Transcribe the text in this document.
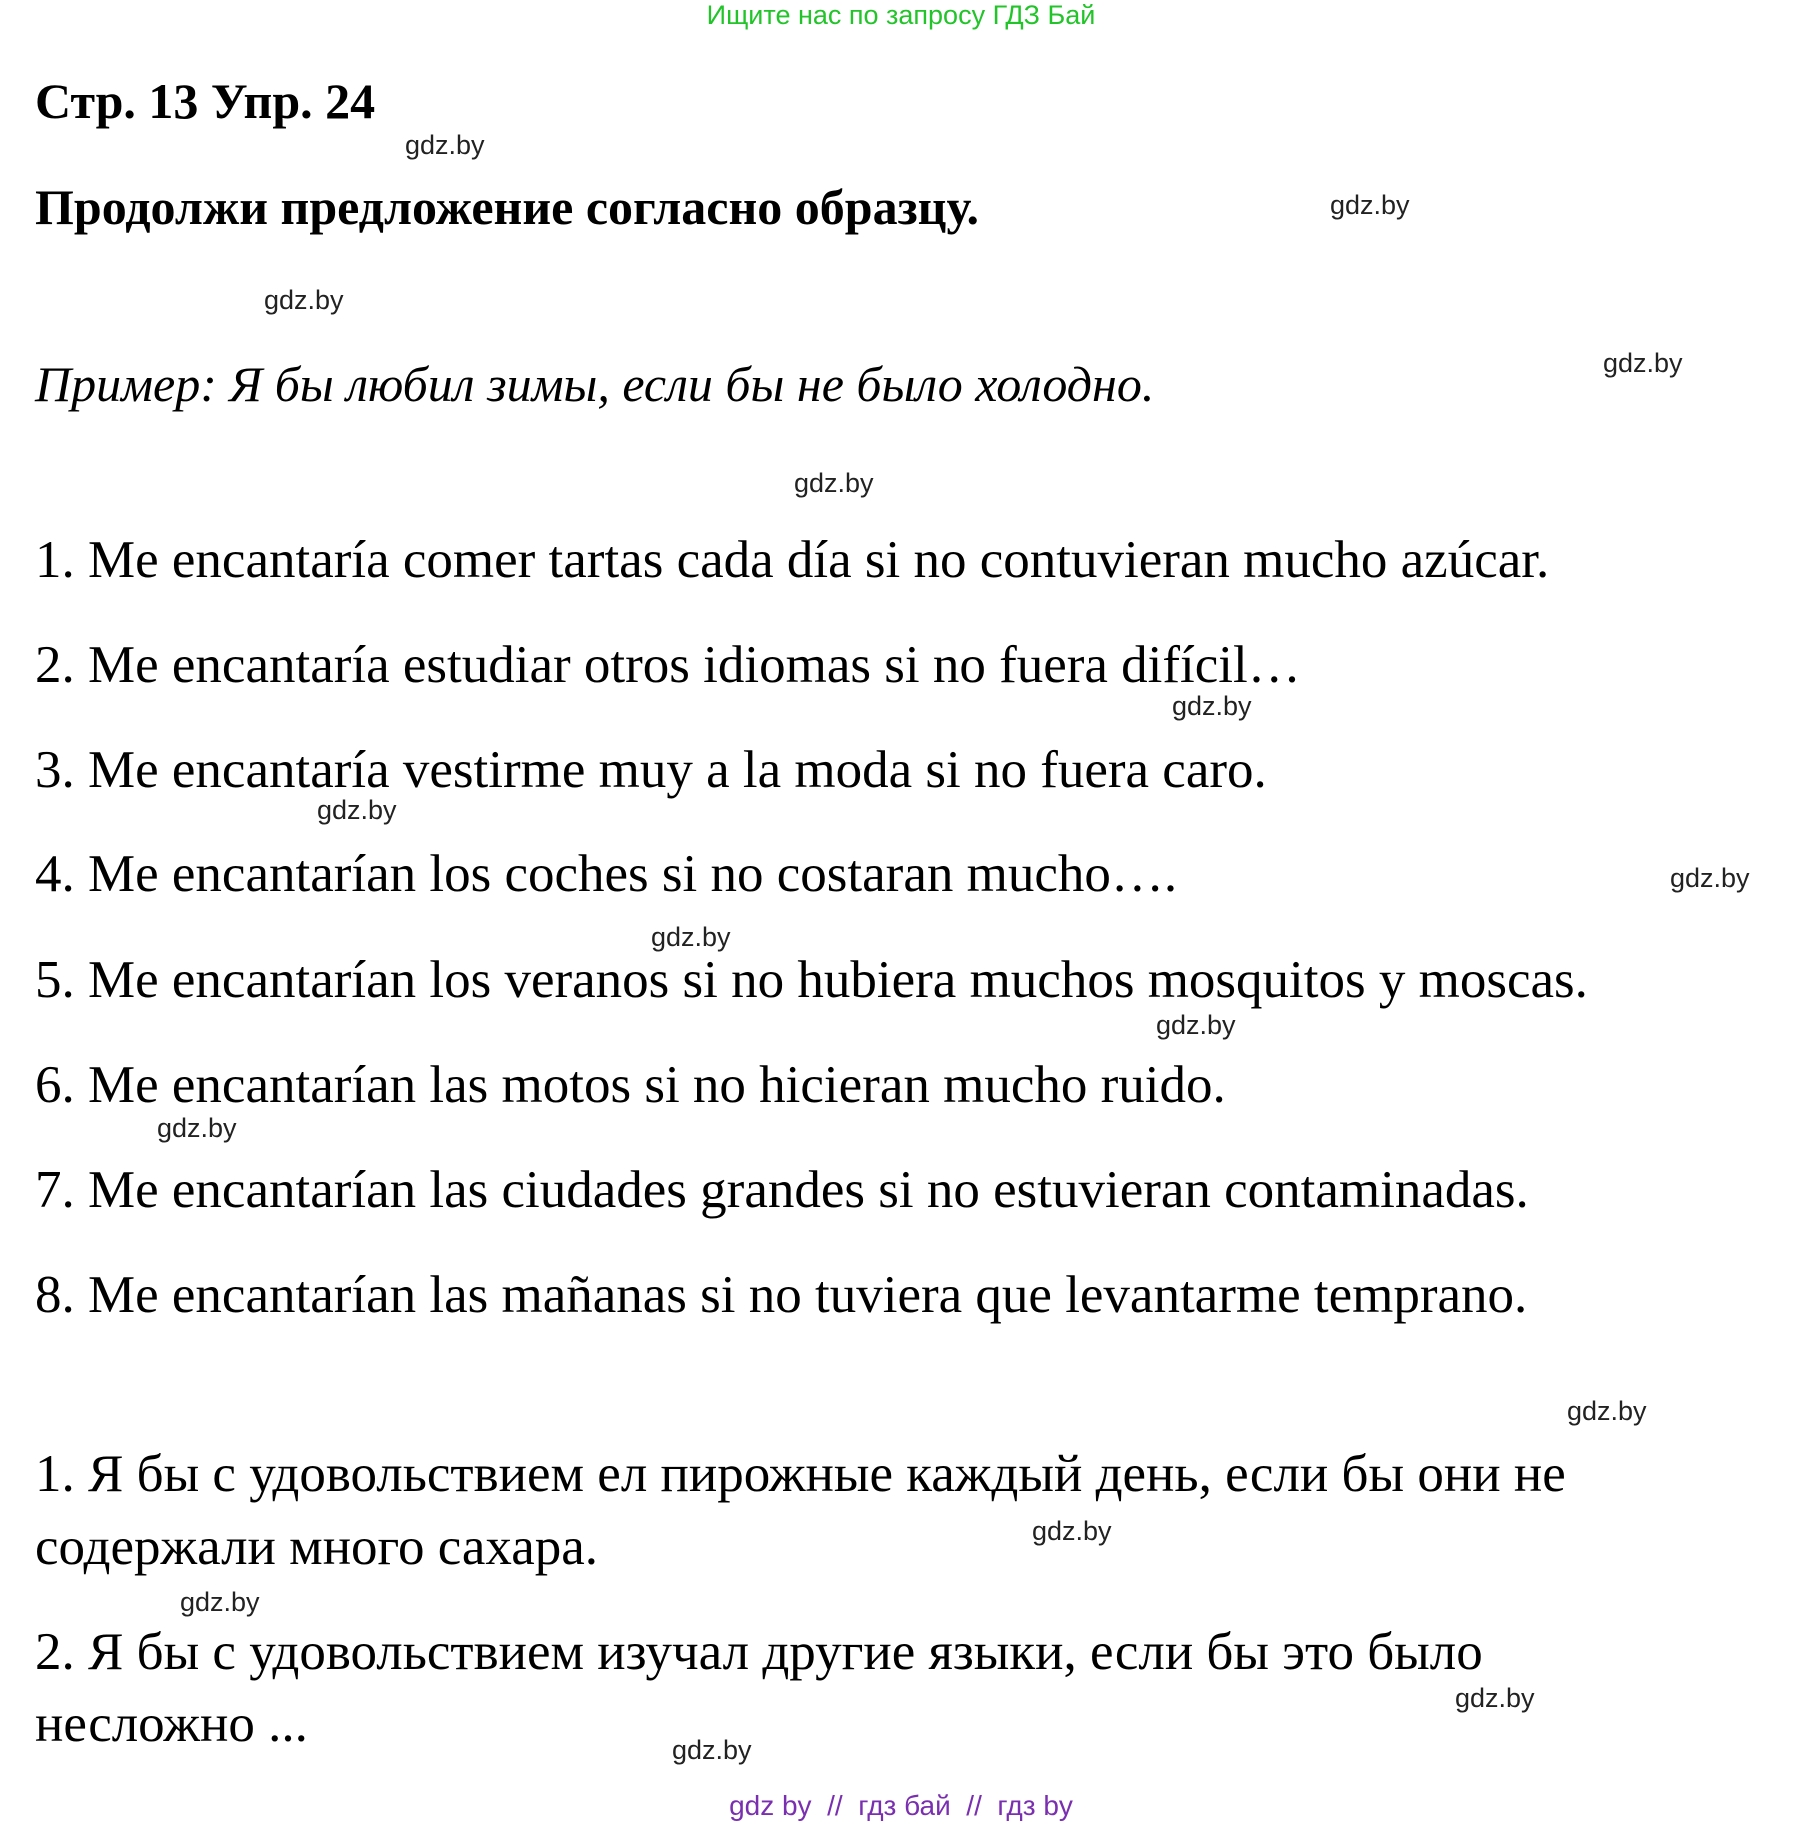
Ищите нас по запросу ГДЗ Бай
Стр. 13 Упр. 24
Продолжи предложение согласно образцу.
Пример: Я бы любил зимы, если бы не было холодно.
1. Me encantaría comer tartas cada día si no contuvieran mucho azúcar.
2. Me encantaría estudiar otros idiomas si no fuera difícil…
3. Me encantaría vestirme muy a la moda si no fuera caro.
4. Me encantarían los coches si no costaran mucho….
5. Me encantarían los veranos si no hubiera muchos mosquitos y moscas.
6. Me encantarían las motos si no hicieran mucho ruido.
7. Me encantarían las ciudades grandes si no estuvieran contaminadas.
8. Me encantarían las mañanas si no tuviera que levantarme temprano.
1. Я бы с удовольствием ел пирожные каждый день, если бы они не
содержали много сахара.
2. Я бы с удовольствием изучал другие языки, если бы это было
несложно ...
gdz.by
gdz.by
gdz.by
gdz.by
gdz.by
gdz.by
gdz.by
gdz.by
gdz.by
gdz.by
gdz.by
gdz.by
gdz.by
gdz.by
gdz.by
gdz.by
gdz by  //  гдз бай  //  гдз by
